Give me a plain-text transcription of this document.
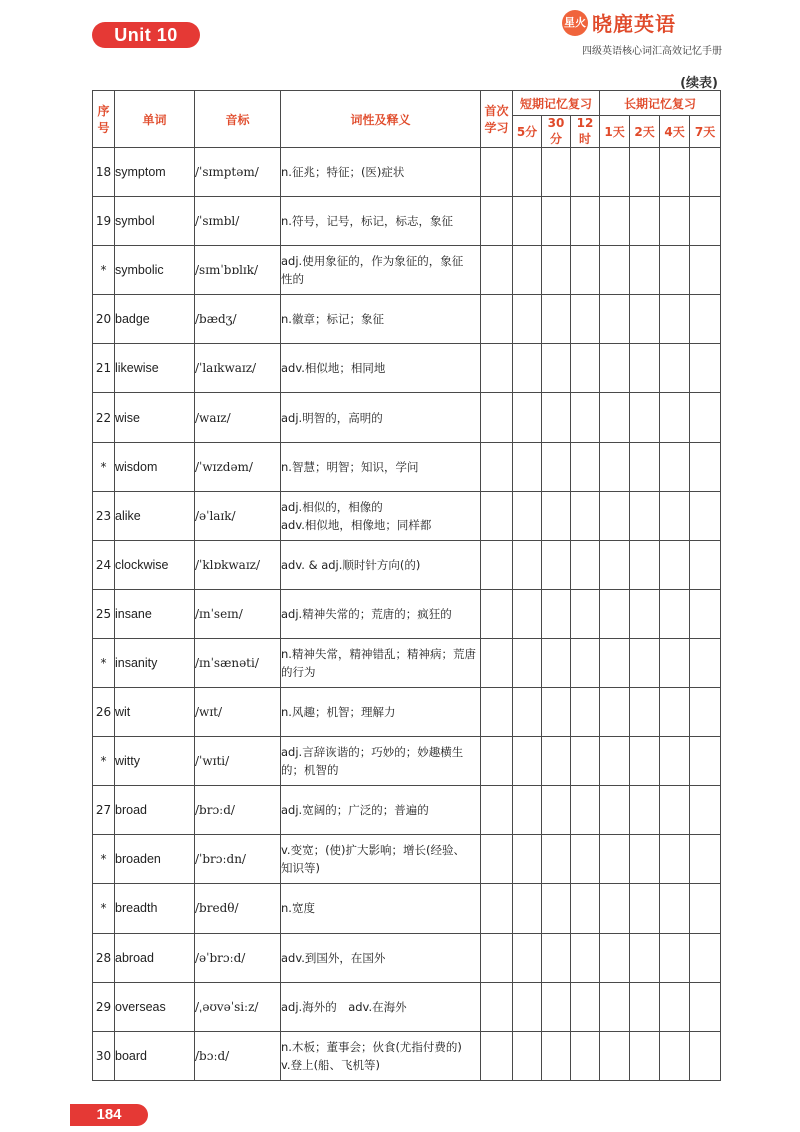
Unit 10
星火 晓鹿英语
四级英语核心词汇高效记忆手册
(续表)
序号	单词	音标	词性及释义	首次学习	短期记忆复习			长期记忆复习			
					5分	30分	12时	1天	2天	4天	7天
18	symptom	/ˈsɪmptəm/	n.征兆；特征；(医)症状								

19	symbol	/ˈsɪmbl/	n.符号，记号，标记，标志，象征								

*	symbolic	/sɪmˈbɒlɪk/	adj.使用象征的，作为象征的，象征
性的								

20	badge	/bædʒ/	n.徽章；标记；象征								

21	likewise	/ˈlaɪkwaɪz/	adv.相似地；相同地								

22	wise	/waɪz/	adj.明智的，高明的								

*	wisdom	/ˈwɪzdəm/	n.智慧；明智；知识，学问								

23	alike	/əˈlaɪk/	adj.相似的，相像的
adv.相似地，相像地；同样都								

24	clockwise	/ˈklɒkwaɪz/	adv. & adj.顺时针方向(的)								

25	insane	/ɪnˈseɪn/	adj.精神失常的；荒唐的；疯狂的								

*	insanity	/ɪnˈsænəti/	n.精神失常，精神错乱；精神病；荒唐
的行为								

26	wit	/wɪt/	n.风趣；机智；理解力								

*	witty	/ˈwɪti/	adj.言辞诙谐的；巧妙的；妙趣横生
的；机智的								

27	broad	/brɔːd/	adj.宽阔的；广泛的；普遍的								

*	broaden	/ˈbrɔːdn/	v.变宽；(使)扩大影响；增长(经验、
知识等)								

*	breadth	/bredθ/	n.宽度								

28	abroad	/əˈbrɔːd/	adv.到国外，在国外								

29	overseas	/ˌəʊvəˈsiːz/	adj.海外的　adv.在海外								

30	board	/bɔːd/	n.木板；董事会；伙食(尤指付费的)
v.登上(船、飞机等)								

184
